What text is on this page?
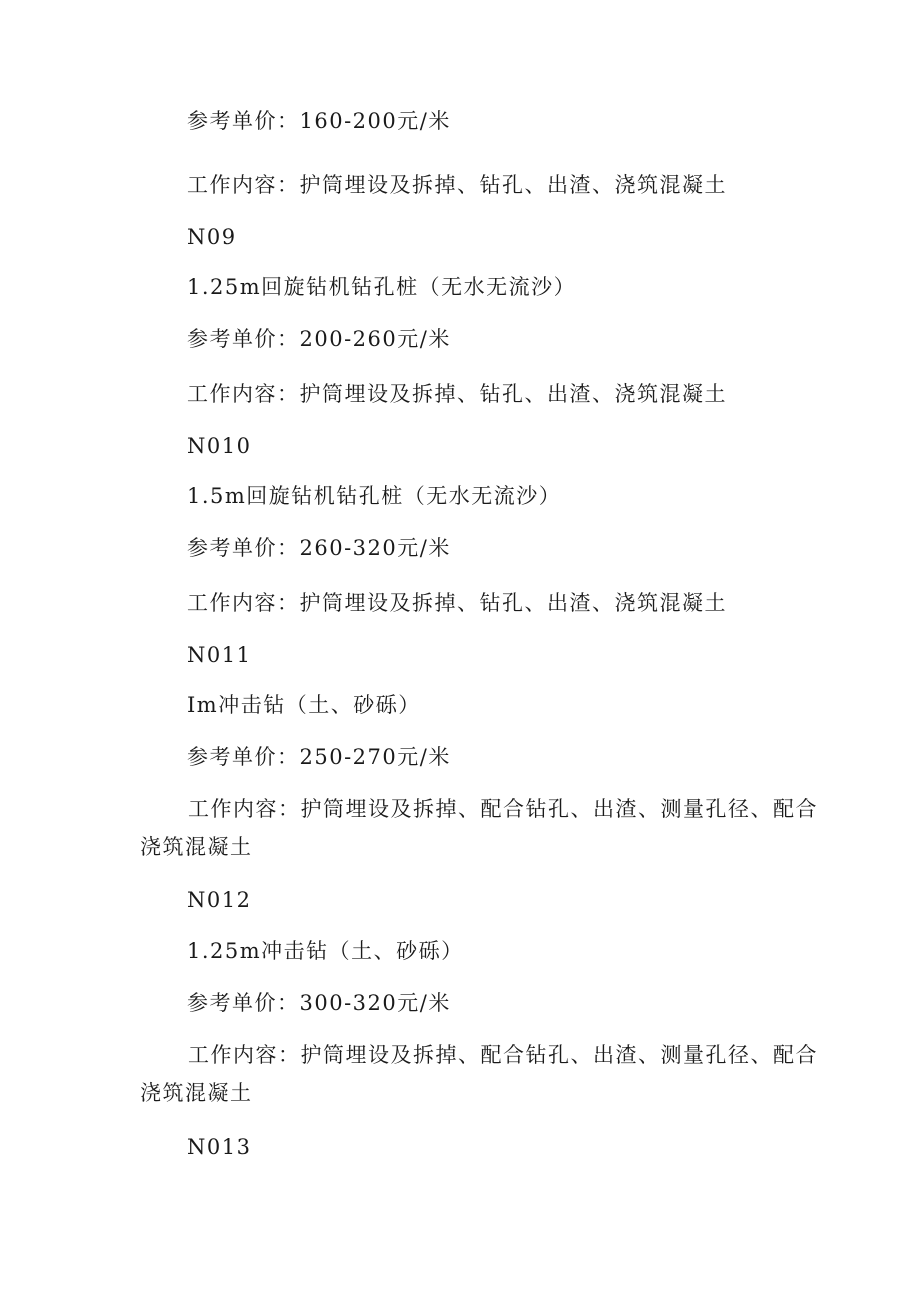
参考单价：160-200元/米
工作内容：护筒埋设及拆掉、钻孔、出渣、浇筑混凝土
N09
1.25m回旋钻机钻孔桩（无水无流沙）
参考单价：200-260元/米
工作内容：护筒埋设及拆掉、钻孔、出渣、浇筑混凝土
N010
1.5m回旋钻机钻孔桩（无水无流沙）
参考单价：260-320元/米
工作内容：护筒埋设及拆掉、钻孔、出渣、浇筑混凝土
N011
Im冲击钻（土、砂砾）
参考单价：250-270元/米
工作内容：护筒埋设及拆掉、配合钻孔、出渣、测量孔径、配合浇筑混凝土
N012
1.25m冲击钻（土、砂砾）
参考单价：300-320元/米
工作内容：护筒埋设及拆掉、配合钻孔、出渣、测量孔径、配合浇筑混凝土
N013
